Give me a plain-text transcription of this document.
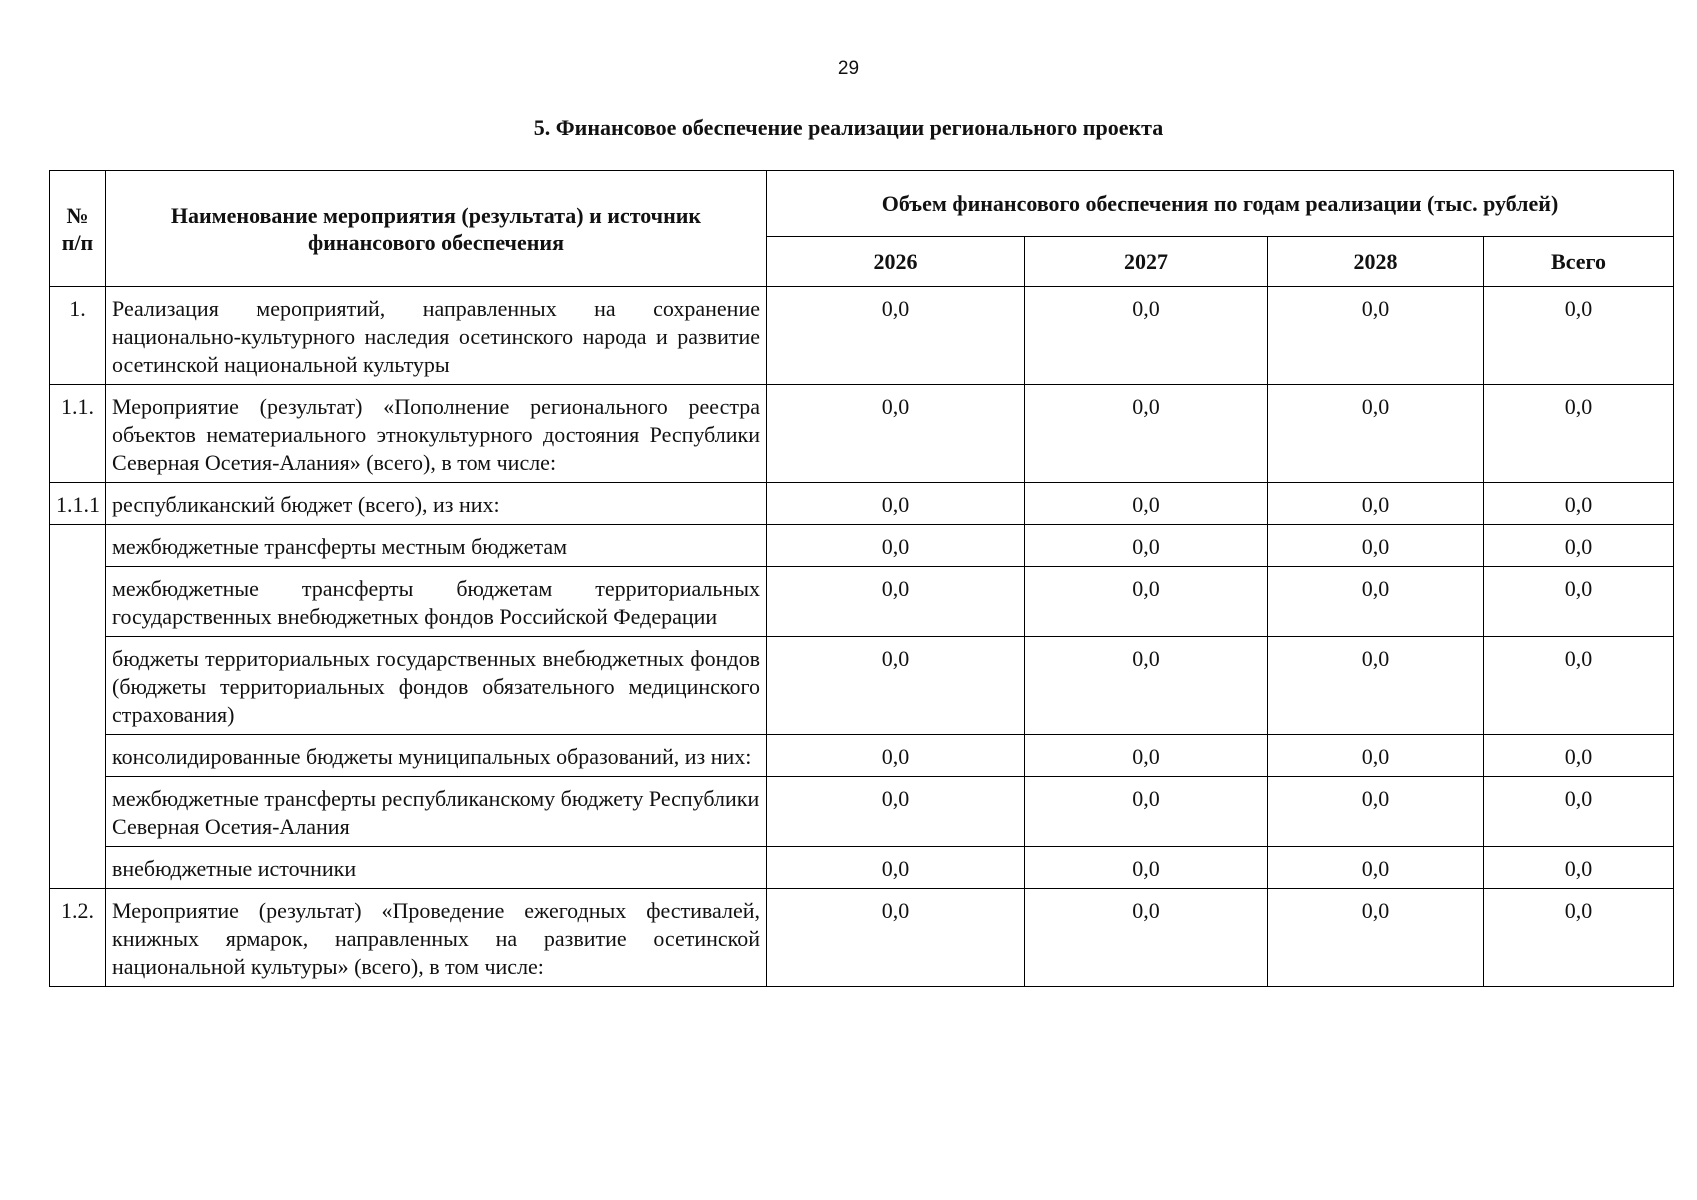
29
5. Финансовое обеспечение реализации регионального проекта
№ п/п	Наименование мероприятия (результата) и источник финансового обеспечения	Объем финансового обеспечения по годам реализации (тыс. рублей)			
		2026	2027	2028	Всего
1.	Реализация мероприятий, направленных на сохранение национально-культурного наследия осетинского народа и развитие осетинской национальной культуры	0,0	0,0	0,0	0,0
1.1.	Мероприятие (результат) «Пополнение регионального реестра объектов нематериального этнокультурного достояния Республики Северная Осетия-Алания» (всего), в том числе:	0,0	0,0	0,0	0,0
1.1.1	республиканский бюджет (всего), из них:	0,0	0,0	0,0	0,0
	межбюджетные трансферты местным бюджетам	0,0	0,0	0,0	0,0
	межбюджетные трансферты бюджетам территориальных государственных внебюджетных фондов Российской Федерации	0,0	0,0	0,0	0,0
	бюджеты территориальных государственных внебюджетных фондов (бюджеты территориальных фондов обязательного медицинского страхования)	0,0	0,0	0,0	0,0
	консолидированные бюджеты муниципальных образований, из них:	0,0	0,0	0,0	0,0
	межбюджетные трансферты республиканскому бюджету Республики Северная Осетия-Алания	0,0	0,0	0,0	0,0
	внебюджетные источники	0,0	0,0	0,0	0,0
1.2.	Мероприятие (результат) «Проведение ежегодных фестивалей, книжных ярмарок, направленных на развитие осетинской национальной культуры» (всего), в том числе:	0,0	0,0	0,0	0,0
